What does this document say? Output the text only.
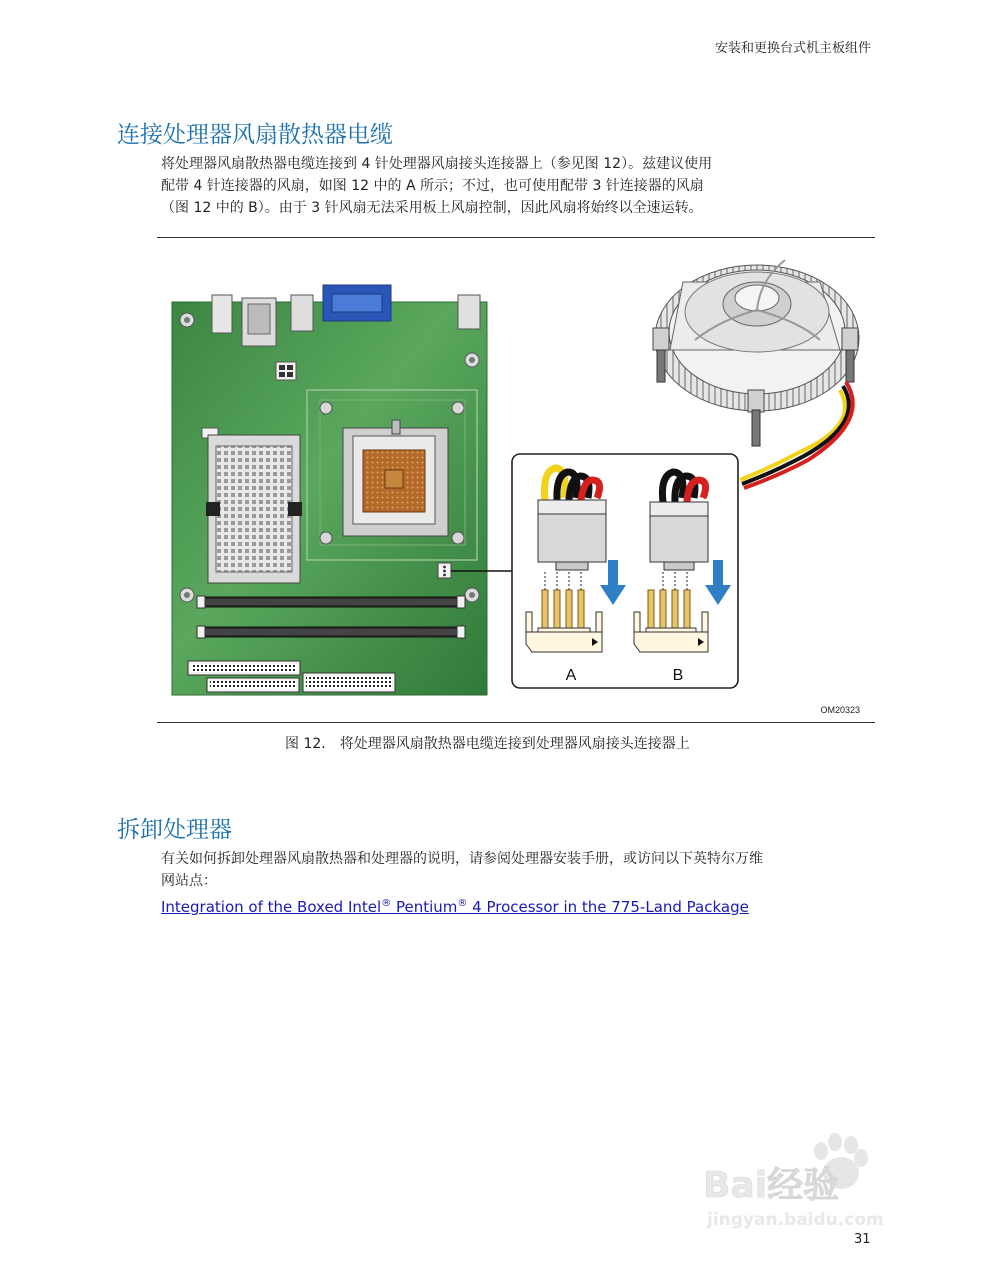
安装和更换台式机主板组件
连接处理器风扇散热器电缆
将处理器风扇散热器电缆连接到 4 针处理器风扇接头连接器上（参见图 12）。兹建议使用
配带 4 针连接器的风扇，如图 12 中的 A 所示；不过，也可使用配带 3 针连接器的风扇
（图 12 中的 B）。由于 3 针风扇无法采用板上风扇控制，因此风扇将始终以全速运转。
A	B
OM20323
图 12． 将处理器风扇散热器电缆连接到处理器风扇接头连接器上
拆卸处理器
有关如何拆卸处理器风扇散热器和处理器的说明，请参阅处理器安装手册，或访问以下英特尔万维
网站点：
Integration of the Boxed Intel® Pentium® 4 Processor in the 775-Land Package
Bai经验
jingyan.baidu.com
31
